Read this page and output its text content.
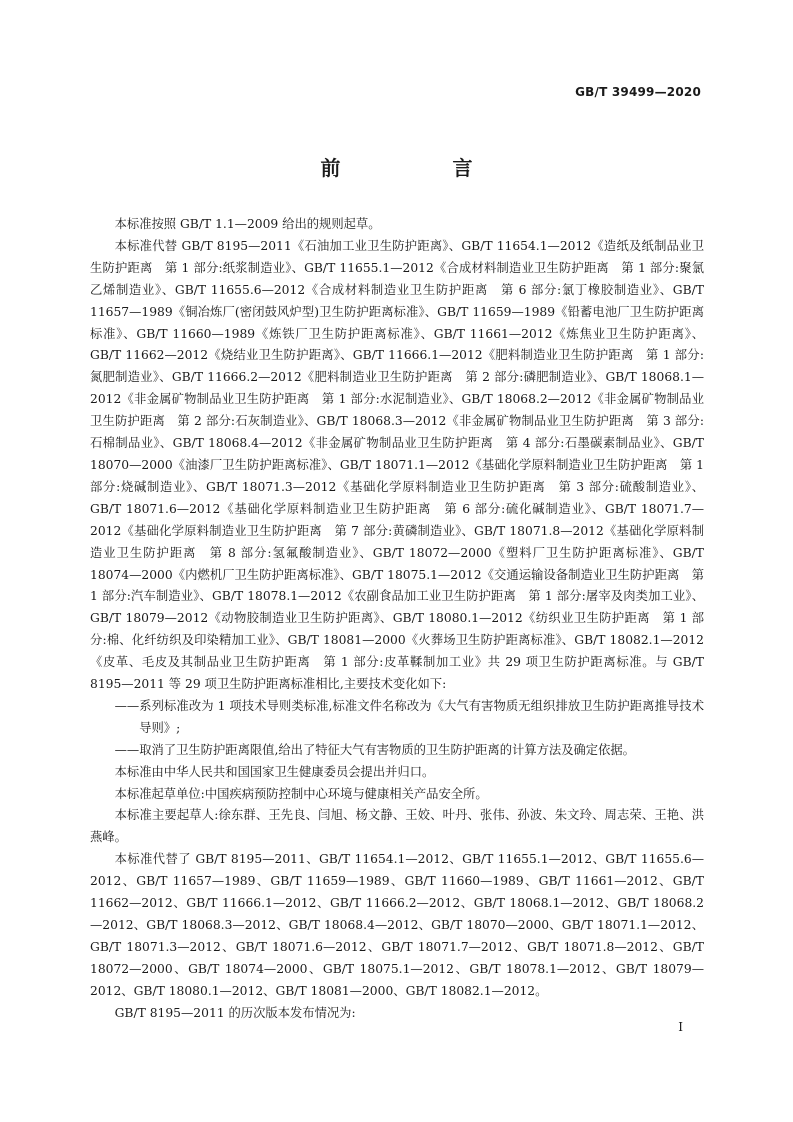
GB/T 39499—2020
前　言

本标准按照 GB/T 1.1—2009 给出的规则起草。

本标准代替 GB/T 8195—2011《石油加工业卫生防护距离》、GB/T 11654.1—2012《造纸及纸制品业卫生防护距离　第 1 部分:纸浆制造业》、GB/T 11655.1—2012《合成材料制造业卫生防护距离　第 1 部分:聚氯乙烯制造业》、GB/T 11655.6—2012《合成材料制造业卫生防护距离　第 6 部分:氯丁橡胶制造业》、GB/T 11657—1989《铜冶炼厂(密闭鼓风炉型)卫生防护距离标准》、GB/T 11659—1989《铅蓄电池厂卫生防护距离标准》、GB/T 11660—1989《炼铁厂卫生防护距离标准》、GB/T 11661—2012《炼焦业卫生防护距离》、GB/T 11662—2012《烧结业卫生防护距离》、GB/T 11666.1—2012《肥料制造业卫生防护距离　第 1 部分:氮肥制造业》、GB/T 11666.2—2012《肥料制造业卫生防护距离　第 2 部分:磷肥制造业》、GB/T 18068.1—2012《非金属矿物制品业卫生防护距离　第 1 部分:水泥制造业》、GB/T 18068.2—2012《非金属矿物制品业卫生防护距离　第 2 部分:石灰制造业》、GB/T 18068.3—2012《非金属矿物制品业卫生防护距离　第 3 部分:石棉制品业》、GB/T 18068.4—2012《非金属矿物制品业卫生防护距离　第 4 部分:石墨碳素制品业》、GB/T 18070—2000《油漆厂卫生防护距离标准》、GB/T 18071.1—2012《基础化学原料制造业卫生防护距离　第 1 部分:烧碱制造业》、GB/T 18071.3—2012《基础化学原料制造业卫生防护距离　第 3 部分:硫酸制造业》、GB/T 18071.6—2012《基础化学原料制造业卫生防护距离　第 6 部分:硫化碱制造业》、GB/T 18071.7—2012《基础化学原料制造业卫生防护距离　第 7 部分:黄磷制造业》、GB/T 18071.8—2012《基础化学原料制造业卫生防护距离　第 8 部分:氢氟酸制造业》、GB/T 18072—2000《塑料厂卫生防护距离标准》、GB/T 18074—2000《内燃机厂卫生防护距离标准》、GB/T 18075.1—2012《交通运输设备制造业卫生防护距离　第 1 部分:汽车制造业》、GB/T 18078.1—2012《农副食品加工业卫生防护距离　第 1 部分:屠宰及肉类加工业》、GB/T 18079—2012《动物胶制造业卫生防护距离》、GB/T 18080.1—2012《纺织业卫生防护距离　第 1 部分:棉、化纤纺织及印染精加工业》、GB/T 18081—2000《火葬场卫生防护距离标准》、GB/T 18082.1—2012《皮革、毛皮及其制品业卫生防护距离　第 1 部分:皮革鞣制加工业》共 29 项卫生防护距离标准。与 GB/T 8195—2011 等 29 项卫生防护距离标准相比,主要技术变化如下:

——系列标准改为 1 项技术导则类标准,标准文件名称改为《大气有害物质无组织排放卫生防护距离推导技术导则》;

——取消了卫生防护距离限值,给出了特征大气有害物质的卫生防护距离的计算方法及确定依据。

本标准由中华人民共和国国家卫生健康委员会提出并归口。

本标准起草单位:中国疾病预防控制中心环境与健康相关产品安全所。

本标准主要起草人:徐东群、王先良、闫旭、杨文静、王姣、叶丹、张伟、孙波、朱文玲、周志荣、王艳、洪燕峰。

本标准代替了 GB/T 8195—2011、GB/T 11654.1—2012、GB/T 11655.1—2012、GB/T 11655.6—2012、GB/T 11657—1989、GB/T 11659—1989、GB/T 11660—1989、GB/T 11661—2012、GB/T 11662—2012、GB/T 11666.1—2012、GB/T 11666.2—2012、GB/T 18068.1—2012、GB/T 18068.2—2012、GB/T 18068.3—2012、GB/T 18068.4—2012、GB/T 18070—2000、GB/T 18071.1—2012、GB/T 18071.3—2012、GB/T 18071.6—2012、GB/T 18071.7—2012、GB/T 18071.8—2012、GB/T 18072—2000、GB/T 18074—2000、GB/T 18075.1—2012、GB/T 18078.1—2012、GB/T 18079—2012、GB/T 18080.1—2012、GB/T 18081—2000、GB/T 18082.1—2012。

GB/T 8195—2011 的历次版本发布情况为:

I
